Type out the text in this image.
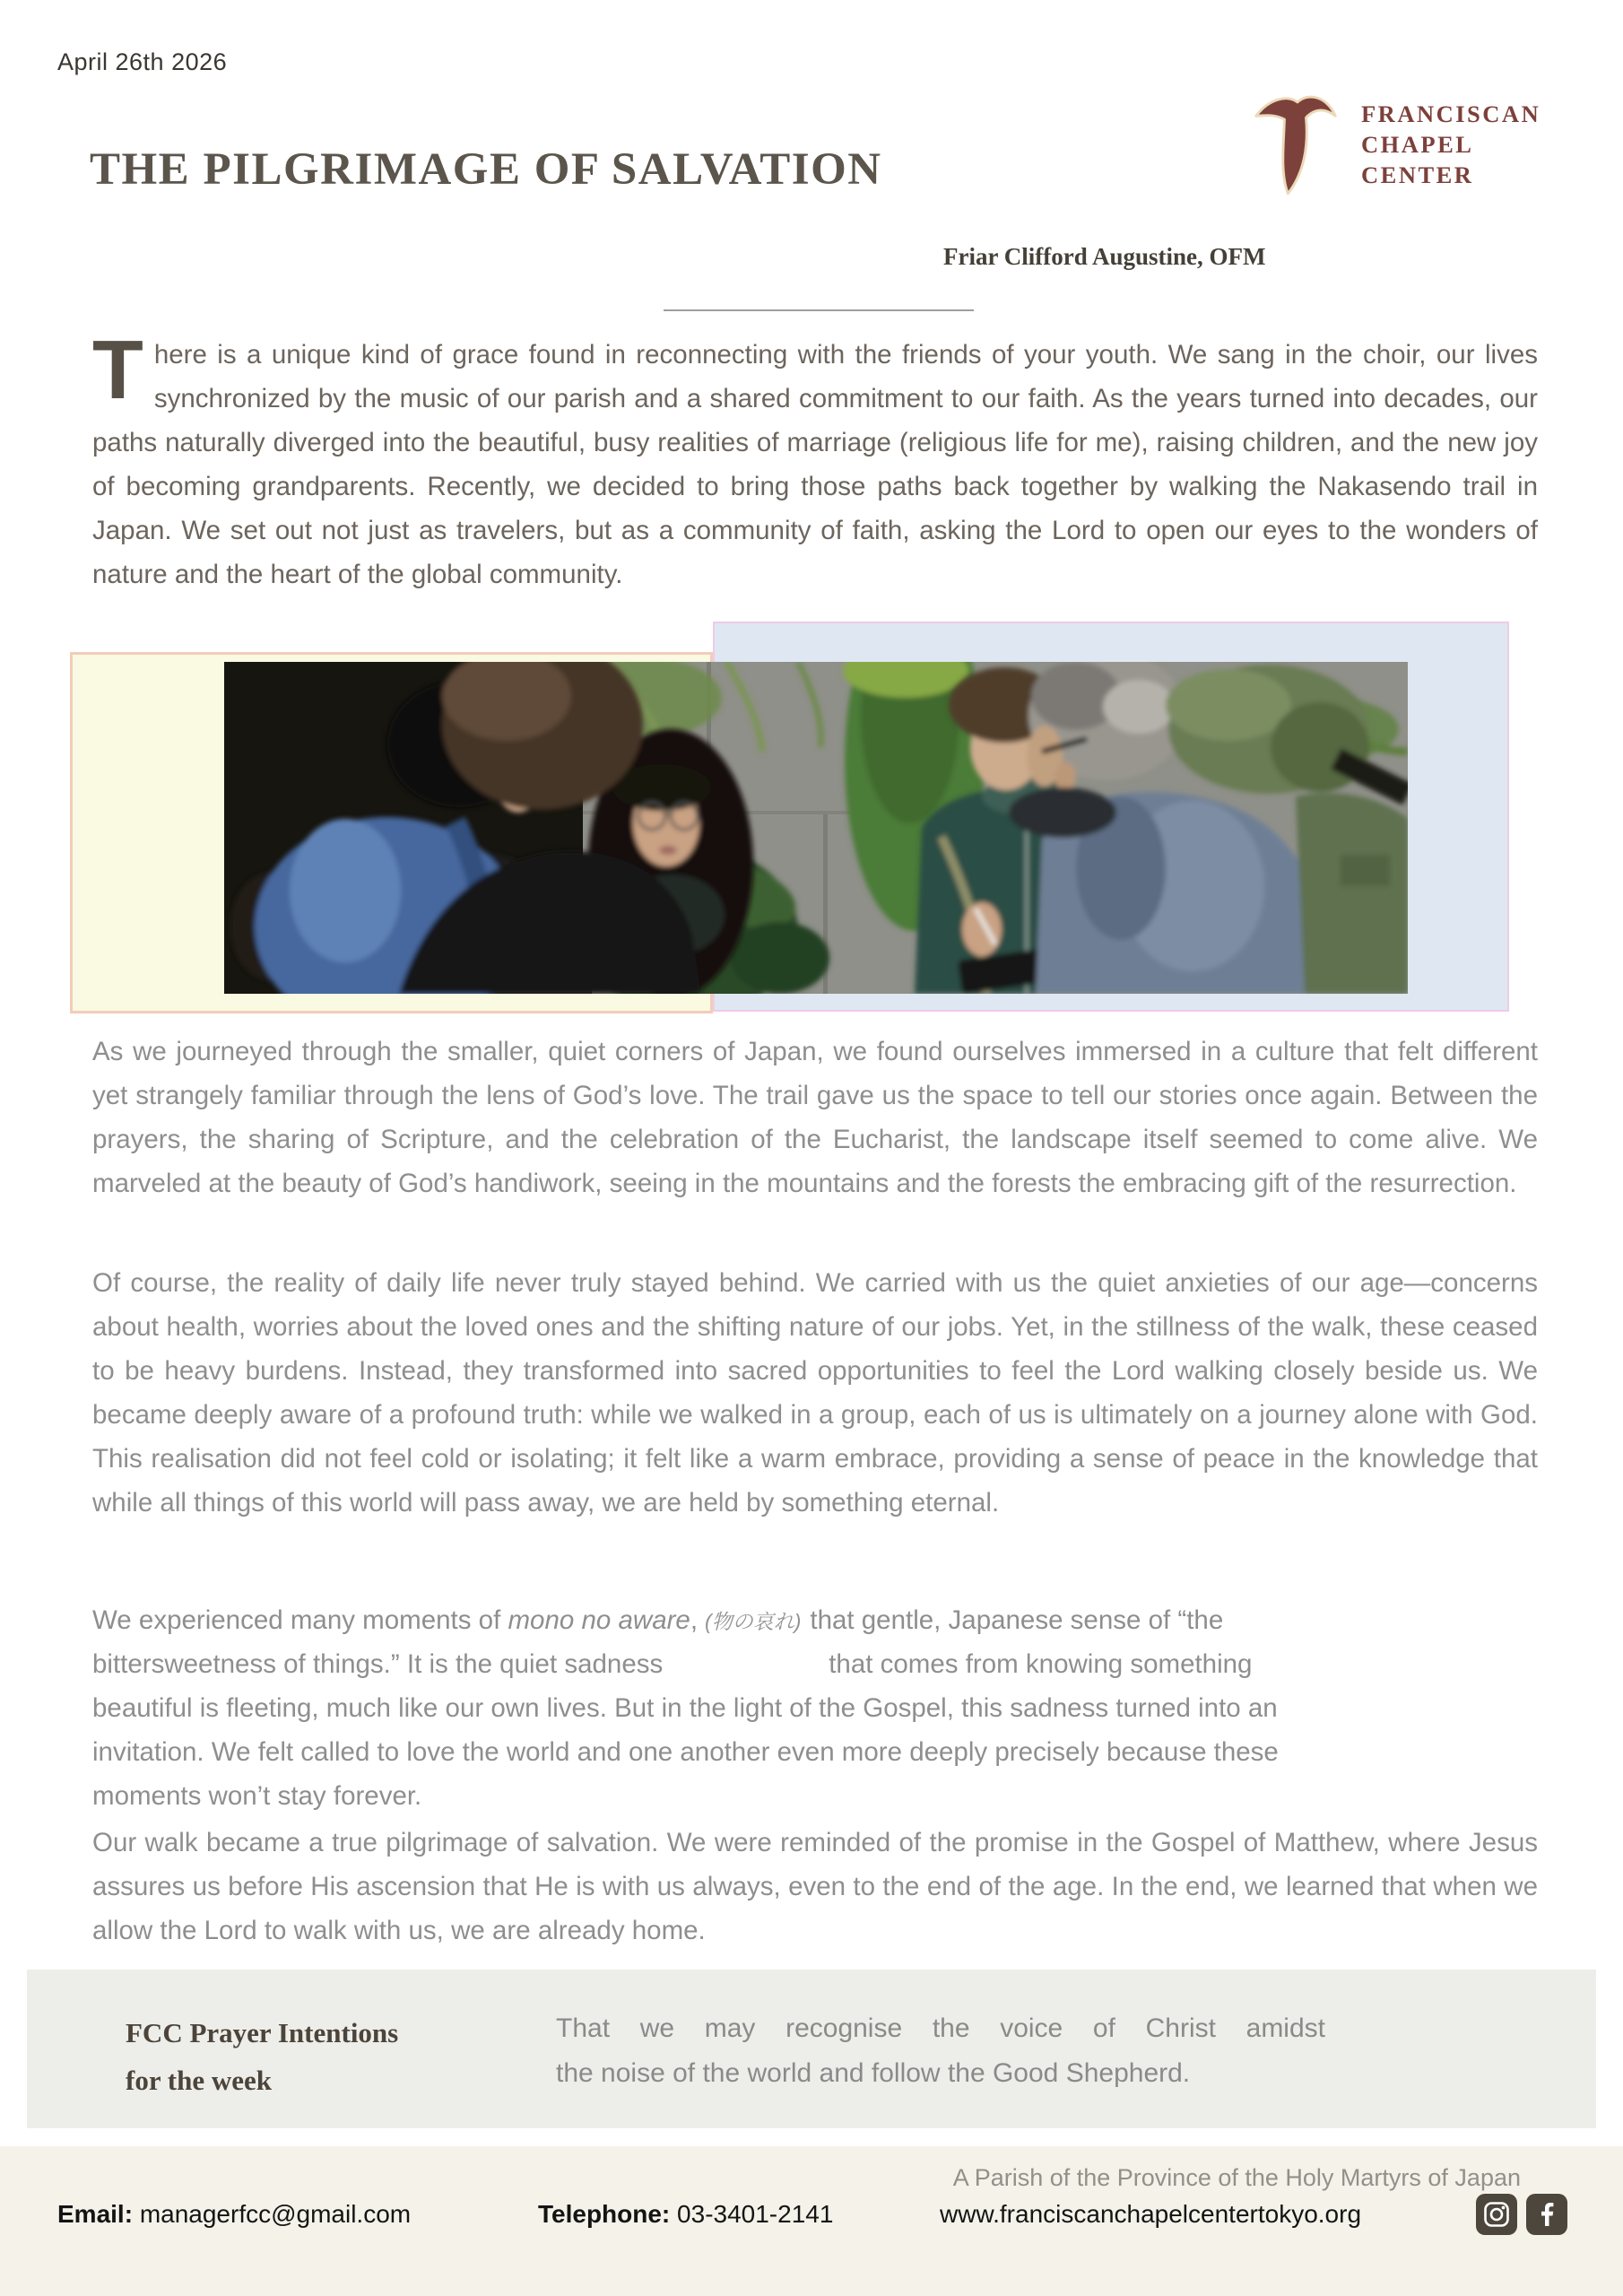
April 26th 2026
FRANCISCAN
CHAPEL
CENTER
THE PILGRIMAGE OF SALVATION
Friar Clifford Augustine, OFM

There is a unique kind of grace found in reconnecting with the friends of your youth. We sang in the choir, our lives synchronized by the music of our parish and a shared commitment to our faith. As the years turned into decades, our paths naturally diverged into the beautiful, busy realities of marriage (religious life for me), raising children, and the new joy of becoming grandparents. Recently, we decided to bring those paths back together by walking the Nakasendo trail in Japan. We set out not just as travelers, but as a community of faith, asking the Lord to open our eyes to the wonders of nature and the heart of the global community.

As we journeyed through the smaller, quiet corners of Japan, we found ourselves immersed in a culture that felt different yet strangely familiar through the lens of God’s love. The trail gave us the space to tell our stories once again. Between the prayers, the sharing of Scripture, and the celebration of the Eucharist, the landscape itself seemed to come alive. We marveled at the beauty of God’s handiwork, seeing in the mountains and the forests the embracing gift of the resurrection.

Of course, the reality of daily life never truly stayed behind. We carried with us the quiet anxieties of our age—concerns about health, worries about the loved ones and the shifting nature of our jobs. Yet, in the stillness of the walk, these ceased to be heavy burdens. Instead, they transformed into sacred opportunities to feel the Lord walking closely beside us. We became deeply aware of a profound truth: while we walked in a group, each of us is ultimately on a journey alone with God. This realisation did not feel cold or isolating; it felt like a warm embrace, providing a sense of peace in the knowledge that while all things of this world will pass away, we are held by something eternal.

We experienced many moments of mono no aware, (物の哀れ) that gentle, Japanese sense of “the
bittersweetness of things.” It is the quiet sadness	that comes from knowing something
beautiful is fleeting, much like our own lives. But in the light of the Gospel, this sadness turned into an
invitation. We felt called to love the world and one another even more deeply precisely because these
moments won’t stay forever.

Our walk became a true pilgrimage of salvation. We were reminded of the promise in the Gospel of Matthew, where Jesus assures us before His ascension that He is with us always, even to the end of the age. In the end, we learned that when we allow the Lord to walk with us, we are already home.

FCC Prayer Intentions
for the week
That we may recognise the voice of Christ amidst
the noise of the world and follow the Good Shepherd.
A Parish of the Province of the Holy Martyrs of Japan
Email: managerfcc@gmail.com	Telephone: 03-3401-2141	www.franciscanchapelcentertokyo.org
